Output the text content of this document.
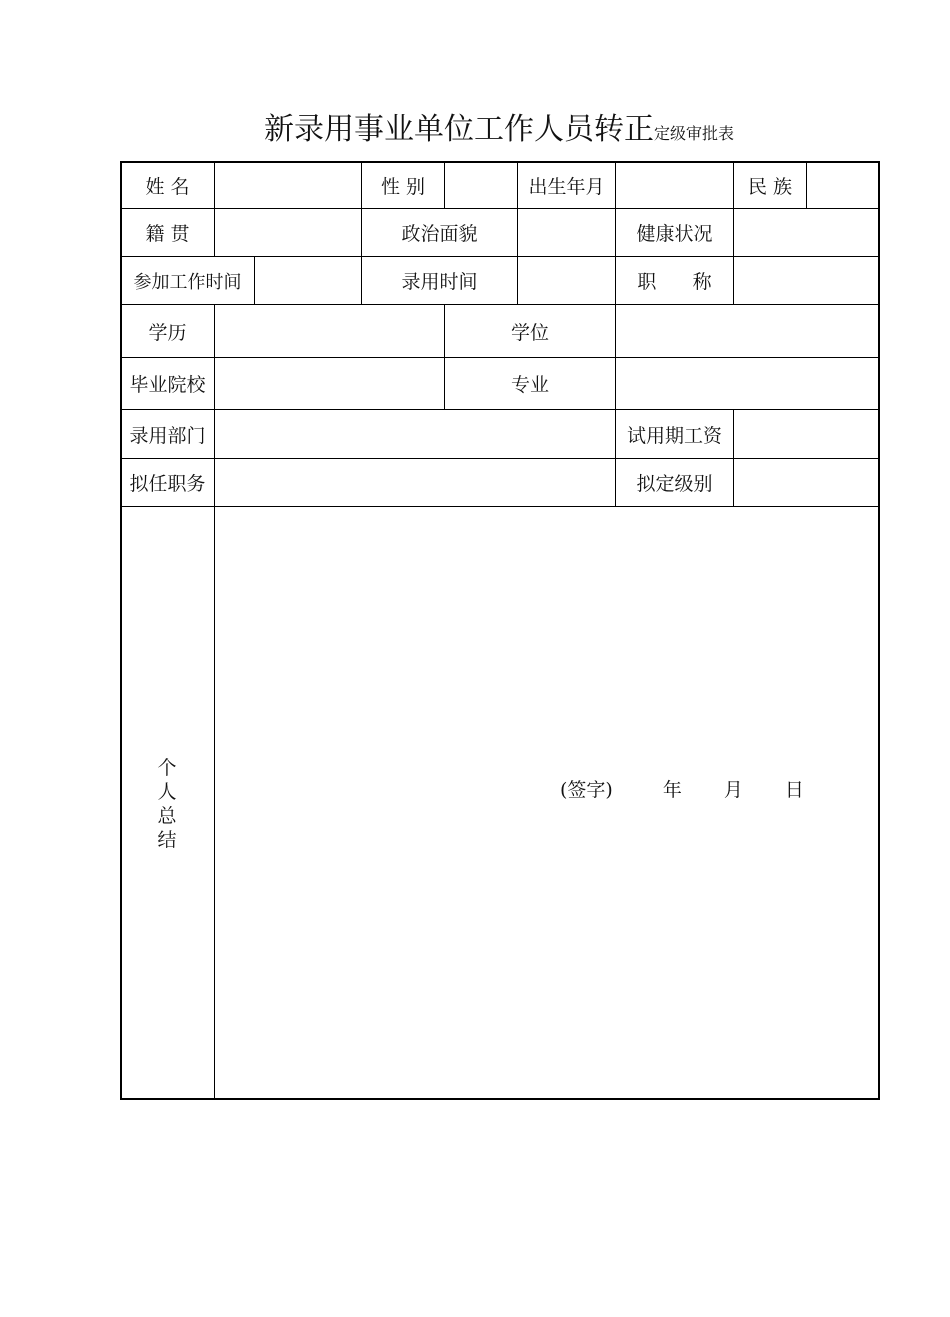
新录用事业单位工作人员转正定级审批表
姓 名	性 别	出生年月	民 族
籍 贯	政治面貌	健康状况
参加工作时间	录用时间	职      称
学历	学位
毕业院校	专业
录用部门	试用期工资
拟任职务	拟定级别
个
人
总
结
(签字)	年 月 日
